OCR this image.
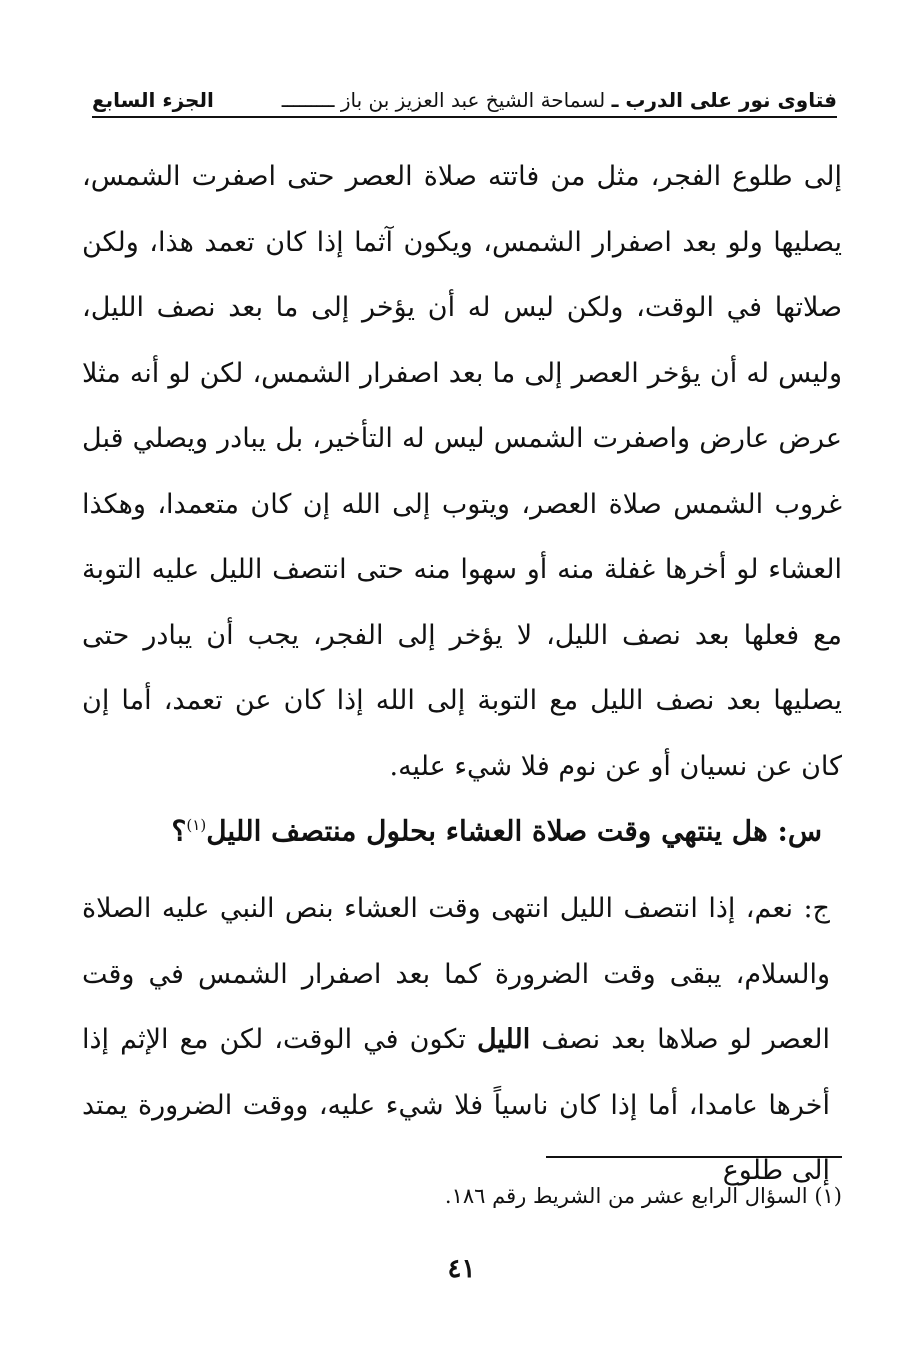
فتاوى نور على الدرب ـ لسماحة الشيخ عبد العزيز بن باز ـــــــــ
الجزء السابع

إلى طلوع الفجر، مثل من فاتته صلاة العصر حتى اصفرت الشمس، يصليها ولو بعد اصفرار الشمس، ويكون آثما إذا كان تعمد هذا، ولكن صلاتها في الوقت، ولكن ليس له أن يؤخر إلى ما بعد نصف الليل، وليس له أن يؤخر العصر إلى ما بعد اصفرار الشمس، لكن لو أنه مثلا عرض عارض واصفرت الشمس ليس له التأخير، بل يبادر ويصلي قبل غروب الشمس صلاة العصر، ويتوب إلى الله إن كان متعمدا، وهكذا العشاء لو أخرها غفلة منه أو سهوا منه حتى انتصف الليل عليه التوبة مع فعلها بعد نصف الليل، لا يؤخر إلى الفجر، يجب أن يبادر حتى يصليها بعد نصف الليل مع التوبة إلى الله إذا كان عن تعمد، أما إن كان عن نسيان أو عن نوم فلا شيء عليه.

س: هل ينتهي وقت صلاة العشاء بحلول منتصف الليل$^{(١)}$؟

ج: نعم، إذا انتصف الليل انتهى وقت العشاء بنص النبي عليه الصلاة والسلام، يبقى وقت الضرورة كما بعد اصفرار الشمس في وقت العصر لو صلاها بعد نصف الليل تكون في الوقت، لكن مع الإثم إذا أخرها عامدا، أما إذا كان ناسياً فلا شيء عليه، ووقت الضرورة يمتد إلى طلوع

(١) السؤال الرابع عشر من الشريط رقم ١٨٦.
٤١
